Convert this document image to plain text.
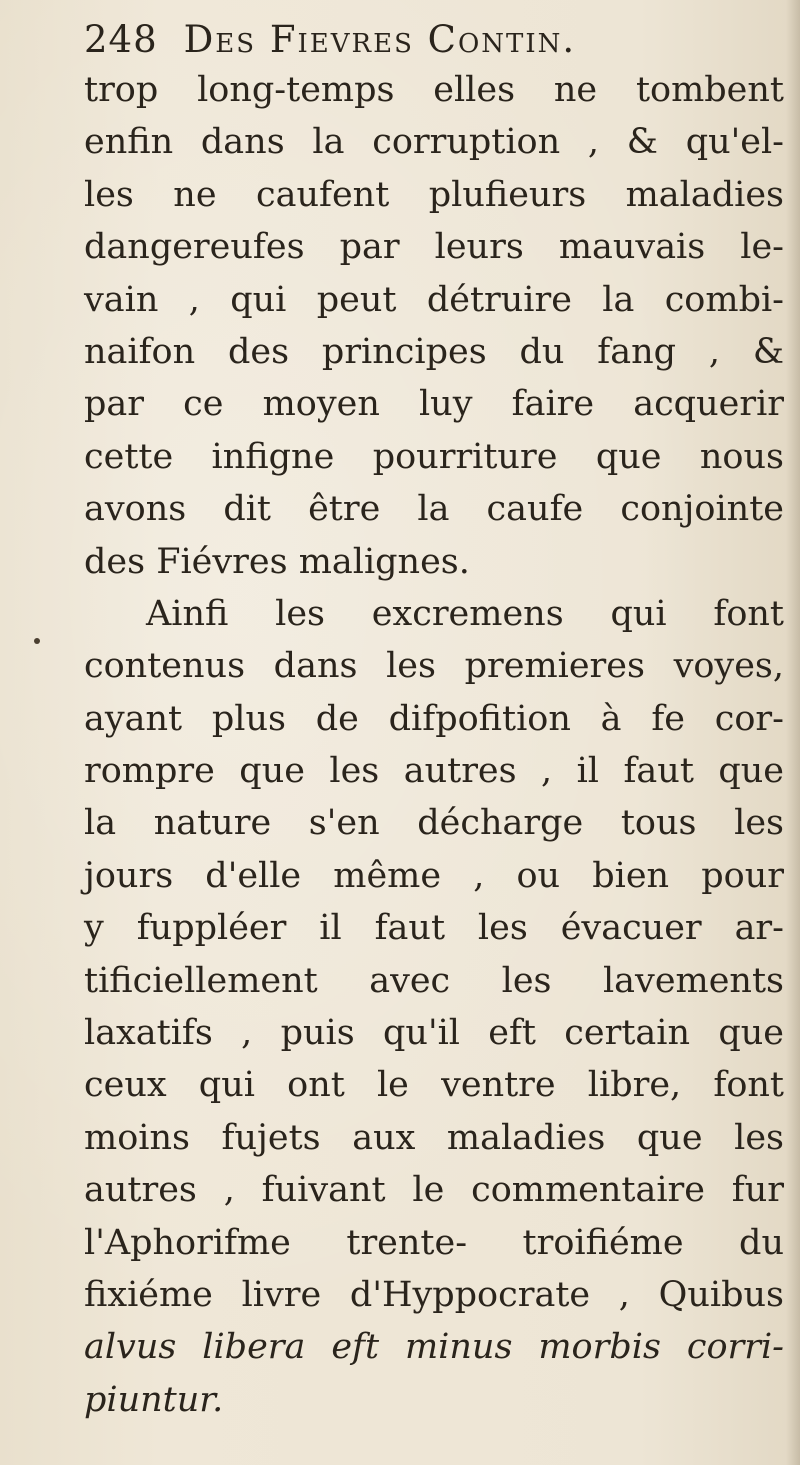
248 Des Fievres Contin.
trop long-temps elles ne tombent
enfin dans la corruption , & qu'el-
les ne caufent plufieurs maladies
dangereufes par leurs mauvais le-
vain , qui peut détruire la combi-
naifon des principes du fang , &
par ce moyen luy faire acquerir
cette infigne pourriture que nous
avons dit être la caufe conjointe
des Fiévres malignes.
Ainfi les excremens qui font
contenus dans les premieres voyes,
ayant plus de difpofition à fe cor-
rompre que les autres , il faut que
la nature s'en décharge tous les
jours d'elle même , ou bien pour
y fuppléer il faut les évacuer ar-
tificiellement avec les lavements
laxatifs , puis qu'il eft certain que
ceux qui ont le ventre libre, font
moins fujets aux maladies que les
autres , fuivant le commentaire fur
l'Aphorifme trente- troifiéme du
fixiéme livre d'Hyppocrate , Quibus
alvus libera eft minus morbis corri-
piuntur.
